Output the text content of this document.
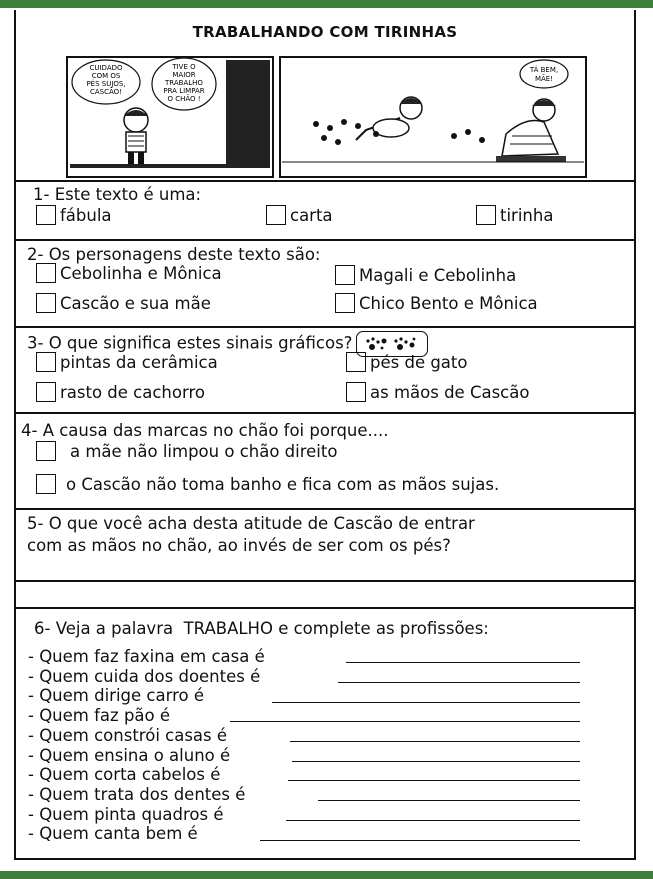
TRABALHANDO COM TIRINHAS
CUIDADO
COM OS
PÉS SUJOS,
CASCÃO!
TIVE O
MAIOR
TRABALHO
PRA LIMPAR
O CHÃO !
TÁ BEM,
MÃE!
1- Este texto é uma:
fábula	carta	tirinha
2- Os personagens deste texto são:
Cebolinha e Mônica	Magali e Cebolinha
Cascão e sua mãe	Chico Bento e Mônica
3- O que significa estes sinais gráficos?
pintas da cerâmica	pés de gato
rasto de cachorro	as mãos de Cascão
4- A causa das marcas no chão foi porque....
a mãe não limpou o chão direito
o Cascão não toma banho e fica com as mãos sujas.
5- O que você acha desta atitude de Cascão de entrar
com as mãos no chão, ao invés de ser com os pés?
6- Veja a palavra TRABALHO e complete as profissões:
- Quem faz faxina em casa é
- Quem cuida dos doentes é
- Quem dirige carro é
- Quem faz pão é
- Quem constrói casas é
- Quem ensina o aluno é
- Quem corta cabelos é
- Quem trata dos dentes é
- Quem pinta quadros é
- Quem canta bem é
